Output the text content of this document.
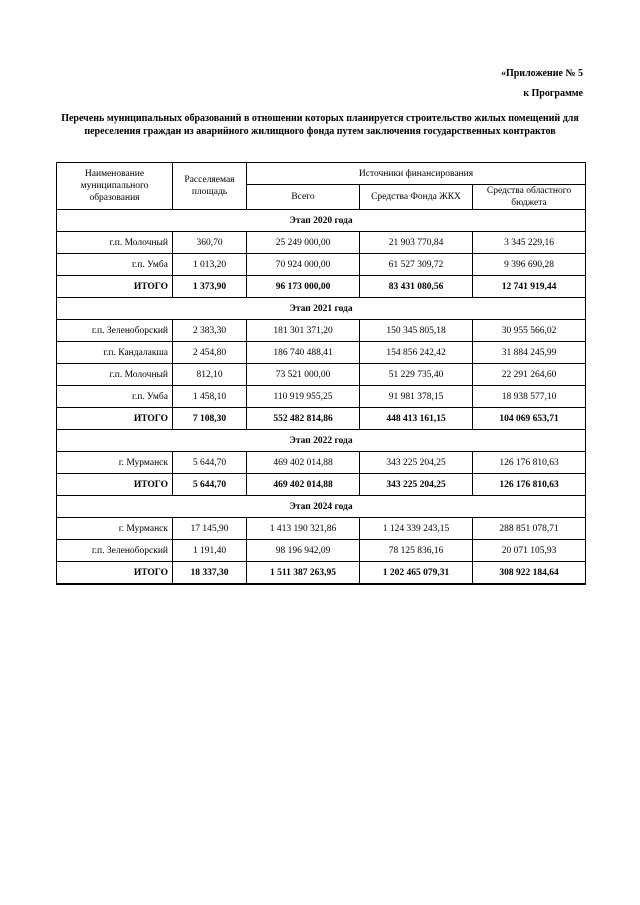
«Приложение № 5
к Программе
Перечень муниципальных образований в отношении которых планируется строительство жилых помещений для переселения граждан из аварийного жилищного фонда путем заключения государственных контрактов
Наименование муниципального образования	Расселяемая площадь	Источники финансирования		
		Всего	Средства Фонда ЖКХ	Средства областного бюджета
Этап 2020 года				
г.п. Молочный	360,70	25 249 000,00	21 903 770,84	3 345 229,16
г.п. Умба	1 013,20	70 924 000,00	61 527 309,72	9 396 690,28
ИТОГО	1 373,90	96 173 000,00	83 431 080,56	12 741 919,44
Этап 2021 года				
г.п. Зеленоборский	2 383,30	181 301 371,20	150 345 805,18	30 955 566,02
г.п. Кандалакша	2 454,80	186 740 488,41	154 856 242,42	31 884 245,99
г.п. Молочный	812,10	73 521 000,00	51 229 735,40	22 291 264,60
г.п. Умба	1 458,10	110 919 955,25	91 981 378,15	18 938 577,10
ИТОГО	7 108,30	552 482 814,86	448 413 161,15	104 069 653,71
Этап 2022 года				
г. Мурманск	5 644,70	469 402 014,88	343 225 204,25	126 176 810,63
ИТОГО	5 644,70	469 402 014,88	343 225 204,25	126 176 810,63
Этап 2024 года				
г. Мурманск	17 145,90	1 413 190 321,86	1 124 339 243,15	288 851 078,71
г.п. Зеленоборский	1 191,40	98 196 942,09	78 125 836,16	20 071 105,93
ИТОГО	18 337,30	1 511 387 263,95	1 202 465 079,31	308 922 184,64
